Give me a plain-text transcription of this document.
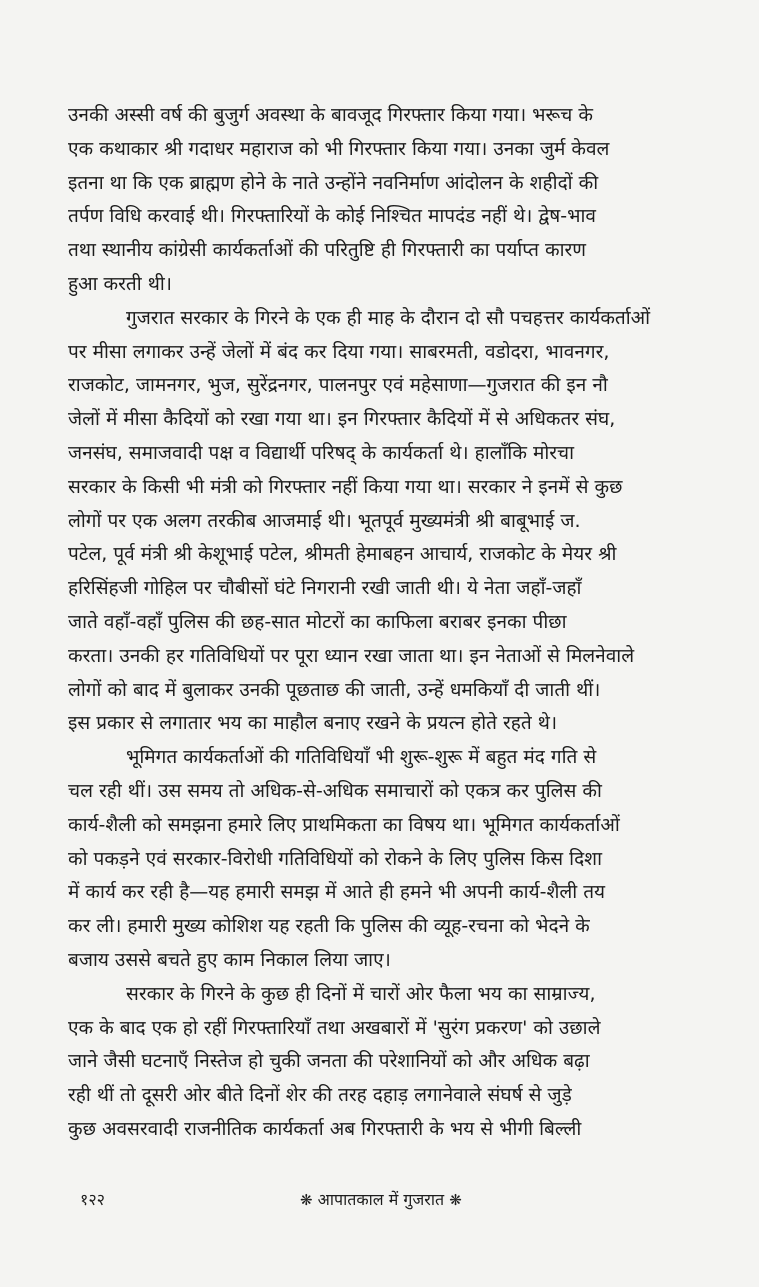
उनकी अस्सी वर्ष की बुजुर्ग अवस्था के बावजूद गिरफ्तार किया गया। भरूच के
एक कथाकार श्री गदाधर महाराज को भी गिरफ्तार किया गया। उनका जुर्म केवल
इतना था कि एक ब्राह्मण होने के नाते उन्होंने नवनिर्माण आंदोलन के शहीदों की
तर्पण विधि करवाई थी। गिरफ्तारियों के कोई निश्चित मापदंड नहीं थे। द्वेष-भाव
तथा स्थानीय कांग्रेसी कार्यकर्ताओं की परितुष्टि ही गिरफ्तारी का पर्याप्त कारण
हुआ करती थी।
गुजरात सरकार के गिरने के एक ही माह के दौरान दो सौ पचहत्तर कार्यकर्ताओं
पर मीसा लगाकर उन्हें जेलों में बंद कर दिया गया। साबरमती, वडोदरा, भावनगर,
राजकोट, जामनगर, भुज, सुरेंद्रनगर, पालनपुर एवं महेसाणा—गुजरात की इन नौ
जेलों में मीसा कैदियों को रखा गया था। इन गिरफ्तार कैदियों में से अधिकतर संघ,
जनसंघ, समाजवादी पक्ष व विद्यार्थी परिषद् के कार्यकर्ता थे। हालाँकि मोरचा
सरकार के किसी भी मंत्री को गिरफ्तार नहीं किया गया था। सरकार ने इनमें से कुछ
लोगों पर एक अलग तरकीब आजमाई थी। भूतपूर्व मुख्यमंत्री श्री बाबूभाई ज.
पटेल, पूर्व मंत्री श्री केशूभाई पटेल, श्रीमती हेमाबहन आचार्य, राजकोट के मेयर श्री
हरिसिंहजी गोहिल पर चौबीसों घंटे निगरानी रखी जाती थी। ये नेता जहाँ-जहाँ
जाते वहाँ-वहाँ पुलिस की छह-सात मोटरों का काफिला बराबर इनका पीछा
करता। उनकी हर गतिविधियों पर पूरा ध्यान रखा जाता था। इन नेताओं से मिलनेवाले
लोगों को बाद में बुलाकर उनकी पूछताछ की जाती, उन्हें धमकियाँ दी जाती थीं।
इस प्रकार से लगातार भय का माहौल बनाए रखने के प्रयत्न होते रहते थे।
भूमिगत कार्यकर्ताओं की गतिविधियाँ भी शुरू-शुरू में बहुत मंद गति से
चल रही थीं। उस समय तो अधिक-से-अधिक समाचारों को एकत्र कर पुलिस की
कार्य-शैली को समझना हमारे लिए प्राथमिकता का विषय था। भूमिगत कार्यकर्ताओं
को पकड़ने एवं सरकार-विरोधी गतिविधियों को रोकने के लिए पुलिस किस दिशा
में कार्य कर रही है—यह हमारी समझ में आते ही हमने भी अपनी कार्य-शैली तय
कर ली। हमारी मुख्य कोशिश यह रहती कि पुलिस की व्यूह-रचना को भेदने के
बजाय उससे बचते हुए काम निकाल लिया जाए।
सरकार के गिरने के कुछ ही दिनों में चारों ओर फैला भय का साम्राज्य,
एक के बाद एक हो रहीं गिरफ्तारियाँ तथा अखबारों में 'सुरंग प्रकरण' को उछाले
जाने जैसी घटनाएँ निस्तेज हो चुकी जनता की परेशानियों को और अधिक बढ़ा
रही थीं तो दूसरी ओर बीते दिनों शेर की तरह दहाड़ लगानेवाले संघर्ष से जुड़े
कुछ अवसरवादी राजनीतिक कार्यकर्ता अब गिरफ्तारी के भय से भीगी बिल्ली
१२२	❋ आपातकाल में गुजरात ❋
